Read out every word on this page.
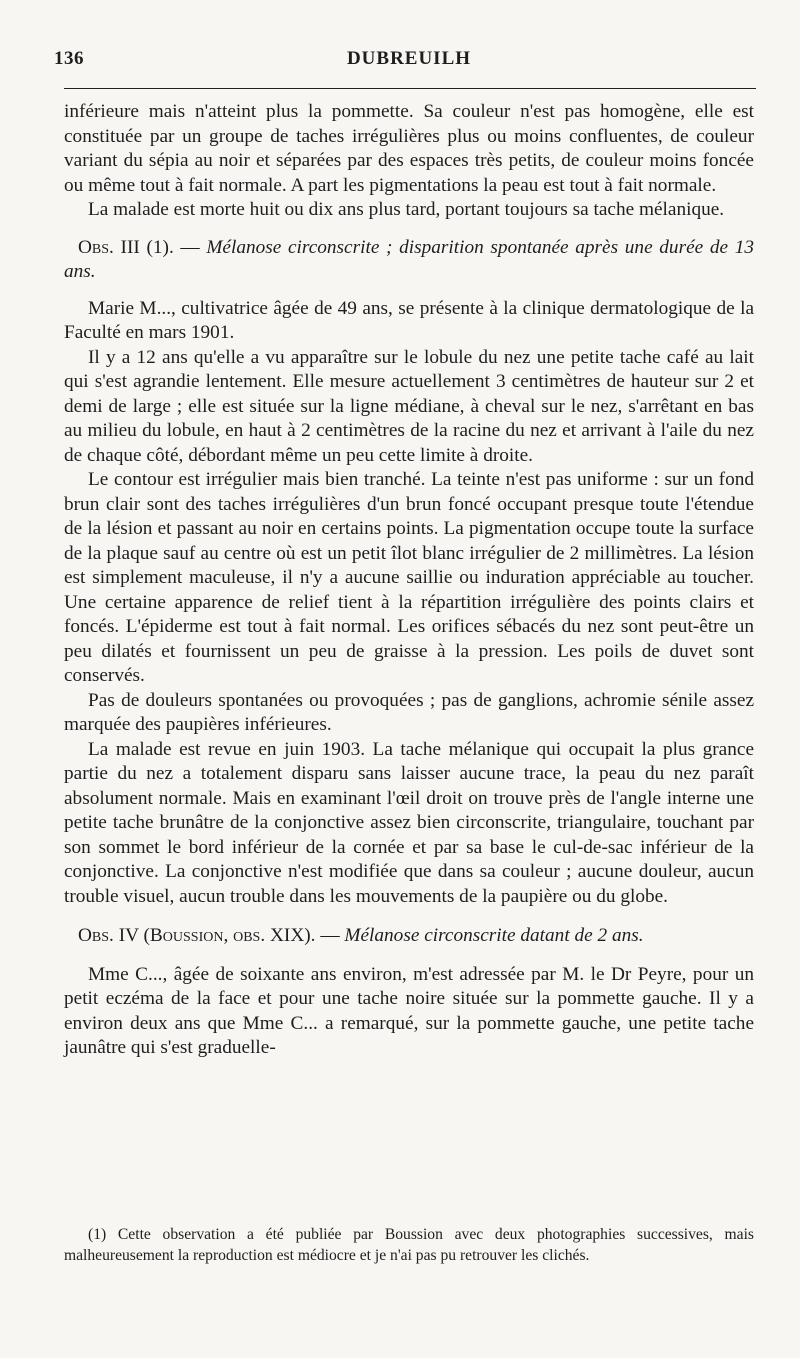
136	DUBREUILH

inférieure mais n'atteint plus la pommette. Sa couleur n'est pas homogène, elle est constituée par un groupe de taches irrégulières plus ou moins confluentes, de couleur variant du sépia au noir et séparées par des espaces très petits, de couleur moins foncée ou même tout à fait normale. A part les pigmentations la peau est tout à fait normale.

La malade est morte huit ou dix ans plus tard, portant toujours sa tache mélanique.

Obs. III (1). — Mélanose circonscrite ; disparition spontanée après une durée de 13 ans.

Marie M..., cultivatrice âgée de 49 ans, se présente à la clinique dermatologique de la Faculté en mars 1901.

Il y a 12 ans qu'elle a vu apparaître sur le lobule du nez une petite tache café au lait qui s'est agrandie lentement. Elle mesure actuellement 3 centimètres de hauteur sur 2 et demi de large ; elle est située sur la ligne médiane, à cheval sur le nez, s'arrêtant en bas au milieu du lobule, en haut à 2 centimètres de la racine du nez et arrivant à l'aile du nez de chaque côté, débordant même un peu cette limite à droite.

Le contour est irrégulier mais bien tranché. La teinte n'est pas uniforme : sur un fond brun clair sont des taches irrégulières d'un brun foncé occupant presque toute l'étendue de la lésion et passant au noir en certains points. La pigmentation occupe toute la surface de la plaque sauf au centre où est un petit îlot blanc irrégulier de 2 millimètres. La lésion est simplement maculeuse, il n'y a aucune saillie ou induration appréciable au toucher. Une certaine apparence de relief tient à la répartition irrégulière des points clairs et foncés. L'épiderme est tout à fait normal. Les orifices sébacés du nez sont peut-être un peu dilatés et fournissent un peu de graisse à la pression. Les poils de duvet sont conservés.

Pas de douleurs spontanées ou provoquées ; pas de ganglions, achromie sénile assez marquée des paupières inférieures.

La malade est revue en juin 1903. La tache mélanique qui occupait la plus grance partie du nez a totalement disparu sans laisser aucune trace, la peau du nez paraît absolument normale. Mais en examinant l'œil droit on trouve près de l'angle interne une petite tache brunâtre de la conjonctive assez bien circonscrite, triangulaire, touchant par son sommet le bord inférieur de la cornée et par sa base le cul-de-sac inférieur de la conjonctive. La conjonctive n'est modifiée que dans sa couleur ; aucune douleur, aucun trouble visuel, aucun trouble dans les mouvements de la paupière ou du globe.

Obs. IV (Boussion, obs. XIX). — Mélanose circonscrite datant de 2 ans.

Mme C..., âgée de soixante ans environ, m'est adressée par M. le Dr Peyre, pour un petit eczéma de la face et pour une tache noire située sur la pommette gauche. Il y a environ deux ans que Mme C... a remarqué, sur la pommette gauche, une petite tache jaunâtre qui s'est graduelle-

(1) Cette observation a été publiée par Boussion avec deux photographies successives, mais malheureusement la reproduction est médiocre et je n'ai pas pu retrouver les clichés.
